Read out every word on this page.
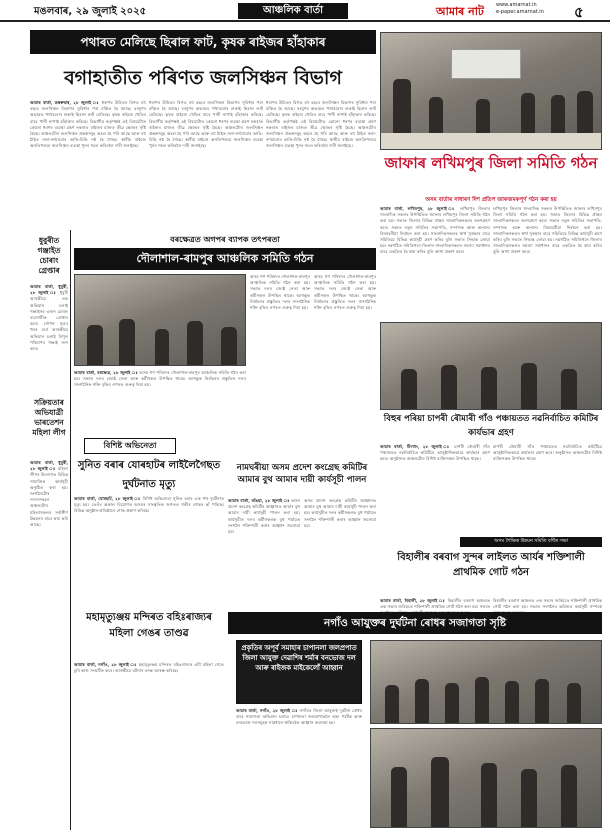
মঙলবাৰ, ২৯ জুলাই ২০২৫	আঞ্চলিক বাৰ্তা	আমাৰ নাট www.amarnat.in
e-paper.amarnat.in ৫
পথাৰত মেলিছে ছিৰাল ফাট, কৃষক ৰাইজৰ হাঁহাকাৰ
বগাহাতীত পৰিণত জলসিঞ্চন বিভাগ
আমাৰ বাৰ্তা, ডম্বৰুদ্বাৰ, ২৮ জুলাই ঃ ধৰাপৰ উমিতৰ বিগত বহু বছৰে জলসিঞ্চন বিভাগৰ সুবিধাৰ পৰা বঞ্চিত হৈ আছে। বৰষুণৰ অভাৱত পথাৰবোৰ শুকাই ছিৰাল ফাট মেলিছে। কৃষক ৰাইজে খেতিৰ বাবে পানী নাপাই হাঁহাকাৰ কৰিছে। বিভাগীয় কৰ্তৃপক্ষই এই বিষয়টোত কোনো ধৰণৰ ব্যৱস্থা গ্ৰহণ নকৰাত ৰাইজৰ মাজত তীব্ৰ ক্ষোভৰ সৃষ্টি হৈছে। অঞ্চলটোৰ জলসিঞ্চন প্ৰকল্পসমূহ অচল হৈ পৰি আছে আৰু বহু ঠাইত নলা-নৰ্দমাবোৰ ভাঙি-চিঙি নষ্ট হৈ গৈছে। স্থানীয় ৰাইজে অনতিপলমে জলসিঞ্চন ব্যৱস্থা পুনৰ সচল কৰিবলৈ দাবী জনাইছে।
ধৰাপৰ উমিতৰ বিগত বহু বছৰে জলসিঞ্চন বিভাগৰ সুবিধাৰ পৰা বঞ্চিত হৈ আছে। বৰষুণৰ অভাৱত পথাৰবোৰ শুকাই ছিৰাল ফাট মেলিছে। কৃষক ৰাইজে খেতিৰ বাবে পানী নাপাই হাঁহাকাৰ কৰিছে। বিভাগীয় কৰ্তৃপক্ষই এই বিষয়টোত কোনো ধৰণৰ ব্যৱস্থা গ্ৰহণ নকৰাত ৰাইজৰ মাজত তীব্ৰ ক্ষোভৰ সৃষ্টি হৈছে। অঞ্চলটোৰ জলসিঞ্চন প্ৰকল্পসমূহ অচল হৈ পৰি আছে আৰু বহু ঠাইত নলা-নৰ্দমাবোৰ ভাঙি-চিঙি নষ্ট হৈ গৈছে। স্থানীয় ৰাইজে অনতিপলমে জলসিঞ্চন ব্যৱস্থা পুনৰ সচল কৰিবলৈ দাবী জনাইছে।
ধৰাপৰ উমিতৰ বিগত বহু বছৰে জলসিঞ্চন বিভাগৰ সুবিধাৰ পৰা বঞ্চিত হৈ আছে। বৰষুণৰ অভাৱত পথাৰবোৰ শুকাই ছিৰাল ফাট মেলিছে। কৃষক ৰাইজে খেতিৰ বাবে পানী নাপাই হাঁহাকাৰ কৰিছে। বিভাগীয় কৰ্তৃপক্ষই এই বিষয়টোত কোনো ধৰণৰ ব্যৱস্থা গ্ৰহণ নকৰাত ৰাইজৰ মাজত তীব্ৰ ক্ষোভৰ সৃষ্টি হৈছে। অঞ্চলটোৰ জলসিঞ্চন প্ৰকল্পসমূহ অচল হৈ পৰি আছে আৰু বহু ঠাইত নলা-নৰ্দমাবোৰ ভাঙি-চিঙি নষ্ট হৈ গৈছে। স্থানীয় ৰাইজে অনতিপলমে জলসিঞ্চন ব্যৱস্থা পুনৰ সচল কৰিবলৈ দাবী জনাইছে।
জাফাৰ লখিমপুৰ জিলা সমিতি গঠন
অসম বাৰ্তাৰ সাধাৰণ দিশ প্ৰতিপ জাকজমকপূৰ্ণ গঠন কৰা হয়
আমাৰ বাৰ্তা, লখিমপুৰ, ২৮ জুলাই ঃ লখিমপুৰ জিলাৰ সাংবাদিক সকলৰ উপস্থিতিত জাফাৰ লখিমপুৰ জিলা সমিতি গঠন কৰা হয়। সভাত জিলাৰ বিভিন্ন প্ৰান্তৰ সাংবাদিকসকলে অংশগ্ৰহণ কৰে। সভাত নতুন সমিতিৰ সভাপতি, সম্পাদক আৰু অন্যান্য বিষয়ববীয়া নিৰ্বাচন কৰা হয়। সাংবাদিকসকলৰ স্বাৰ্থ সুৰক্ষাৰ বাবে সমিতিয়ে বিভিন্ন কাৰ্যসূচী গ্ৰহণ কৰিব বুলি সভাত সিদ্ধান্ত লোৱা হয়। নৱগঠিত সমিতিখনে জিলাৰ সাংবাদিকসকলৰ সমস্যা সমাধানৰ বাবে একত্ৰিত হৈ কাম কৰিব বুলি আশা প্ৰকাশ কৰে।
লখিমপুৰ জিলাৰ সাংবাদিক সকলৰ উপস্থিতিত জাফাৰ লখিমপুৰ জিলা সমিতি গঠন কৰা হয়। সভাত জিলাৰ বিভিন্ন প্ৰান্তৰ সাংবাদিকসকলে অংশগ্ৰহণ কৰে। সভাত নতুন সমিতিৰ সভাপতি, সম্পাদক আৰু অন্যান্য বিষয়ববীয়া নিৰ্বাচন কৰা হয়। সাংবাদিকসকলৰ স্বাৰ্থ সুৰক্ষাৰ বাবে সমিতিয়ে বিভিন্ন কাৰ্যসূচী গ্ৰহণ কৰিব বুলি সভাত সিদ্ধান্ত লোৱা হয়। নৱগঠিত সমিতিখনে জিলাৰ সাংবাদিকসকলৰ সমস্যা সমাধানৰ বাবে একত্ৰিত হৈ কাম কৰিব বুলি আশা প্ৰকাশ কৰে।
ধুবুৰীত গঞ্জাইত চোৰাং গ্ৰেপ্তাৰ
আমাৰ বাৰ্তা, ধুবুৰী, ২৮ জুলাই ঃ ধুবুৰী আৰক্ষীয়ে এক অভিযান চলাই গঞ্জাইসহ এজন চোৰাং ব্যৱসায়ীক গ্ৰেপ্তাৰ কৰে। গোপন সূত্ৰৰ খবৰ মৰ্মে আৰক্ষীয়ে অভিযান চলাই বিপুল পৰিমাণৰ গঞ্জাই জব্দ কৰে।
সক্ৰিয়তাৰ অভিযাত্ৰী ভাৰতেশন মহিলা লীগ
আমাৰ বাৰ্তা, ধুবুৰী, ২৮ জুলাই ঃ মহিলা লীগৰ উদ্যোগত বিভিন্ন সামাজিক কাৰ্যসূচী অনুষ্ঠিত কৰা হয়। সংগঠনটোৰ সদস্যসকলে অঞ্চলটোৰ মহিলাসকলৰ সৰ্বাঙ্গীণ উন্নয়নৰ বাবে কাম কৰি আছে।
বৰক্ষেত্ৰত অগপৰ ব্যাপক তৎপৰতা
দৌলাশাল-ৰামপুৰ আঞ্চলিক সমিতি গঠন
অসম গণ পৰিষদৰ দৌলাশাল-ৰামপুৰ আঞ্চলিক সমিতি গঠন কৰা হয়। সভাত দলৰ জ্যেষ্ঠ নেতা আৰু কৰ্মীসকল উপস্থিত থাকে। আগন্তুক নিৰ্বাচনৰ প্ৰস্তুতিত দলৰ সাংগঠনিক শক্তি বৃদ্ধিৰ ওপৰত গুৰুত্ব দিয়া হয়।
অসম গণ পৰিষদৰ দৌলাশাল-ৰামপুৰ আঞ্চলিক সমিতি গঠন কৰা হয়। সভাত দলৰ জ্যেষ্ঠ নেতা আৰু কৰ্মীসকল উপস্থিত থাকে। আগন্তুক নিৰ্বাচনৰ প্ৰস্তুতিত দলৰ সাংগঠনিক শক্তি বৃদ্ধিৰ ওপৰত গুৰুত্ব দিয়া হয়।
আমাৰ বাৰ্তা, বৰক্ষেত্ৰ, ২৮ জুলাই ঃ অসম গণ পৰিষদৰ দৌলাশাল-ৰামপুৰ আঞ্চলিক সমিতি গঠন কৰা হয়। সভাত দলৰ জ্যেষ্ঠ নেতা আৰু কৰ্মীসকল উপস্থিত থাকে। আগন্তুক নিৰ্বাচনৰ প্ৰস্তুতিত দলৰ সাংগঠনিক শক্তি বৃদ্ধিৰ ওপৰত গুৰুত্ব দিয়া হয়।
বিহুৰ পৰিয়া চাপৰী ৰৌমাৰী গাঁও পঞ্চায়তত নৱনিৰ্বাচিত কমিটিৰ কাৰ্যভাৰ গ্ৰহণ
আমাৰ বাৰ্তা, টিংখাং, ২৮ জুলাই ঃ চাপৰী ৰৌমাৰী গাঁও পঞ্চায়তত নৱনিৰ্বাচিত কমিটিয়ে আনুষ্ঠানিকভাৱে কাৰ্যভাৰ গ্ৰহণ কৰে। অনুষ্ঠানত অঞ্চলটোৰ বিশিষ্ট ব্যক্তিসকল উপস্থিত থাকে।
চাপৰী ৰৌমাৰী গাঁও পঞ্চায়তত নৱনিৰ্বাচিত কমিটিয়ে আনুষ্ঠানিকভাৱে কাৰ্যভাৰ গ্ৰহণ কৰে। অনুষ্ঠানত অঞ্চলটোৰ বিশিষ্ট ব্যক্তিসকল উপস্থিত থাকে।
বিশিষ্ট অভিনেতা
সুনিত বৰাৰ যোৰহাটৰ লাইলৈগৈছত দুৰ্ঘটনাত মৃত্যু
আমাৰ বাৰ্তা, যোৰহাট, ২৮ জুলাই ঃ বিশিষ্ট অভিনেতা সুনিত বৰাৰ এক পথ দুৰ্ঘটনাত মৃত্যু হয়। তেওঁৰ অকাল বিয়োগত অসমৰ সাংস্কৃতিক জগতত গভীৰ শোকৰ ছাঁ পৰিছে। বিভিন্ন অনুষ্ঠান-প্ৰতিষ্ঠানে শোক প্ৰকাশ কৰিছে।
নামঘৰীয়া অসম প্ৰদেশ কংগ্ৰেছ কমিটিৰ আমাৰ বুথ আমাৰ দায়ী কাৰ্যসূচী পালন
আমাৰ বাৰ্তা, ৰঙিয়া, ২৮ জুলাই ঃ অসম প্ৰদেশ কংগ্ৰেছ কমিটিৰ আহ্বানত আমাৰ বুথ আমাৰ দায়ী কাৰ্যসূচী পালন কৰা হয়। কাৰ্যসূচীত দলৰ কৰ্মীসকলক বুথ পৰ্যায়ত সংগঠন শক্তিশালী কৰাৰ আহ্বান জনোৱা হয়।
অসম প্ৰদেশ কংগ্ৰেছ কমিটিৰ আহ্বানত আমাৰ বুথ আমাৰ দায়ী কাৰ্যসূচী পালন কৰা হয়। কাৰ্যসূচীত দলৰ কৰ্মীসকলক বুথ পৰ্যায়ত সংগঠন শক্তিশালী কৰাৰ আহ্বান জনোৱা হয়।
অসম শৈক্ষিক উন্নয়ন সমিতি বৰ্ধিত সভা
বিহালীৰ বৰবাগ সুন্দৰ লাইলত আৰ্যৰ শক্তিশালী প্ৰাথমিক গোট গঠন
আমাৰ বাৰ্তা, বিহালী, ২৮ জুলাই ঃ বিহালীৰ বৰবাগ অঞ্চলত এক সভাৰ জৰিয়তে শক্তিশালী প্ৰাথমিক গোট গঠন কৰা হয়। সভাত
বিহালীৰ বৰবাগ অঞ্চলত এক সভাৰ জৰিয়তে শক্তিশালী প্ৰাথমিক গোট গঠন কৰা হয়। সভাত সংগঠনৰ ভৱিষ্যত কাৰ্যসূচী সম্পৰ্কে
মহামৃত্যুঞ্জয় মন্দিৰত বহিঃৰাজ্যৰ মহিলা গেঙৰ তাণ্ডৱ
আমাৰ বাৰ্তা, নগাঁও, ২৮ জুলাই ঃ মহামৃত্যুঞ্জয় মন্দিৰত বহিঃৰাজ্যৰ এটা মহিলা গেঙে চুৰি কাণ্ড সংঘটিত কৰে। আৰক্ষীয়ে ঘটনাৰ তদন্ত আৰম্ভ কৰিছে।
নগাঁও আযুক্তৰ দুৰ্ঘটনা ৰোধৰ সজাগতা সৃষ্টি
প্ৰকৃতিৰ অপূৰ্ব সমাহাৰ চাপানলা জলপ্ৰপাত জিলা আযুক্ত দেৱাশিষ শৰ্মাৰ বনভোজ দল আৰু ৰাইজক মাইকেলোঁ আহ্বান
আমাৰ বাৰ্তা, নগাঁও, ২৮ জুলাই ঃ নগাঁওৰ জিলা আযুক্তই দুৰ্ঘটনা ৰোধৰ বাবে সজাগতা অভিযান চলায়। চাপানলা জলপ্ৰপাতলৈ অহা পৰ্যটক আৰু বনভোজ দলসমূহক সাৱধানে থাকিবলৈ আহ্বান জনোৱা হয়।
